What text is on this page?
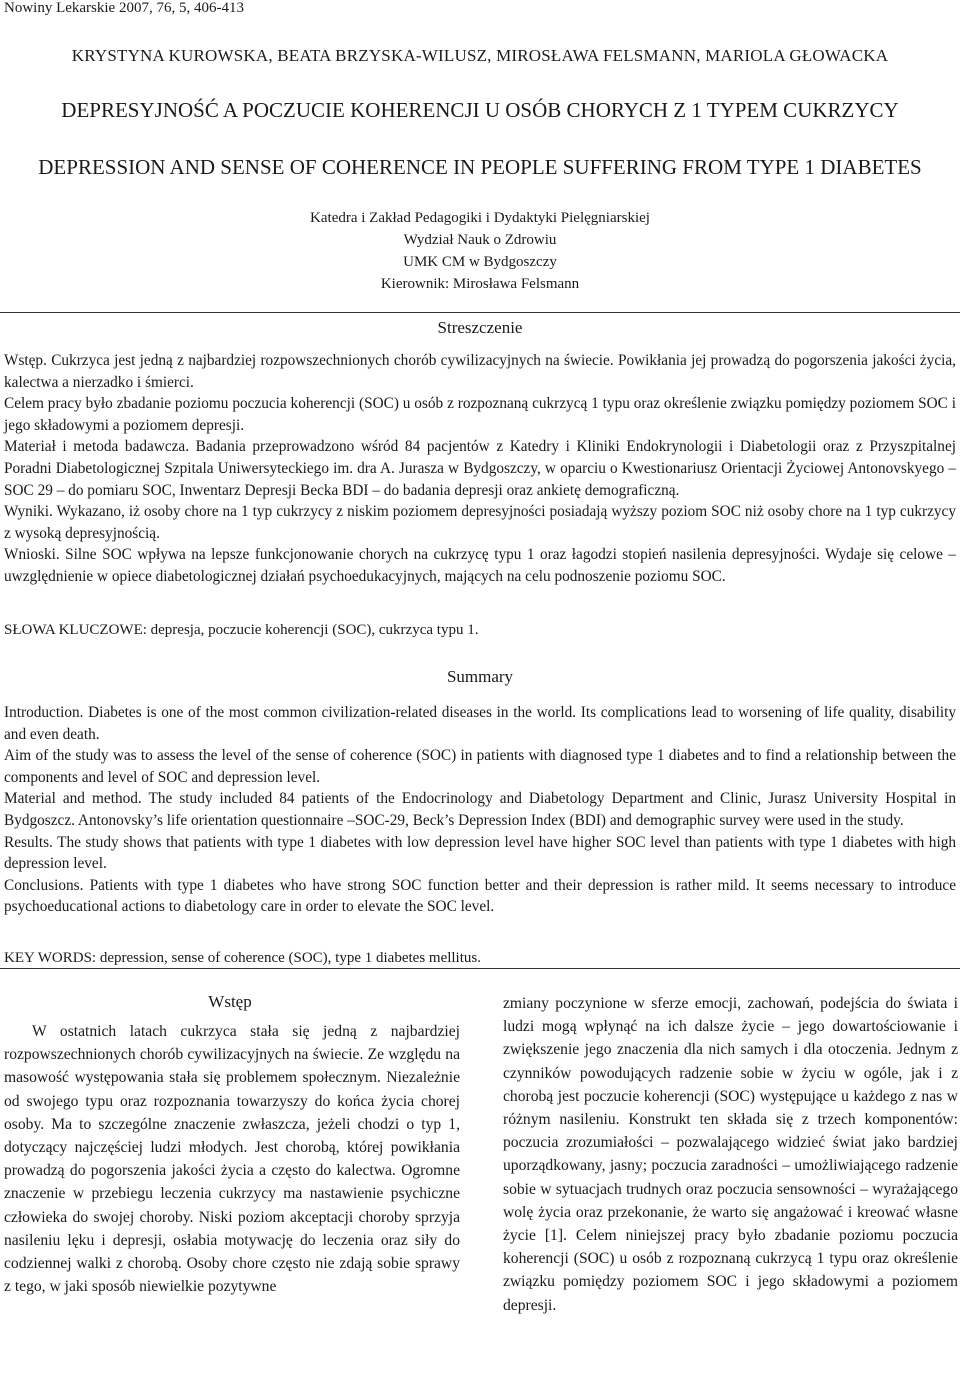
Nowiny Lekarskie 2007, 76, 5, 406-413
KRYSTYNA KUROWSKA, BEATA BRZYSKA-WILUSZ, MIROSŁAWA FELSMANN, MARIOLA GŁOWACKA
DEPRESYJNOŚĆ A POCZUCIE KOHERENCJI U OSÓB CHORYCH Z 1 TYPEM CUKRZYCY
DEPRESSION AND SENSE OF COHERENCE IN PEOPLE SUFFERING FROM TYPE 1 DIABETES
Katedra i Zakład Pedagogiki i Dydaktyki Pielęgniarskiej
Wydział Nauk o Zdrowiu
UMK CM w Bydgoszczy
Kierownik: Mirosława Felsmann
Streszczenie

Wstęp. Cukrzyca jest jedną z najbardziej rozpowszechnionych chorób cywilizacyjnych na świecie. Powikłania jej prowadzą do pogorszenia jakości życia, kalectwa a nierzadko i śmierci.

Celem pracy było zbadanie poziomu poczucia koherencji (SOC) u osób z rozpoznaną cukrzycą 1 typu oraz określenie związku pomiędzy poziomem SOC i jego składowymi a poziomem depresji.

Materiał i metoda badawcza. Badania przeprowadzono wśród 84 pacjentów z Katedry i Kliniki Endokrynologii i Diabetologii oraz z Przyszpitalnej Poradni Diabetologicznej Szpitala Uniwersyteckiego im. dra A. Jurasza w Bydgoszczy, w oparciu o Kwestionariusz Orientacji Życiowej Antonovskyego – SOC 29 – do pomiaru SOC, Inwentarz Depresji Becka BDI – do badania depresji oraz ankietę demograficzną.

Wyniki. Wykazano, iż osoby chore na 1 typ cukrzycy z niskim poziomem depresyjności posiadają wyższy poziom SOC niż osoby chore na 1 typ cukrzycy z wysoką depresyjnością.

Wnioski. Silne SOC wpływa na lepsze funkcjonowanie chorych na cukrzycę typu 1 oraz łagodzi stopień nasilenia depresyjności. Wydaje się celowe – uwzględnienie w opiece diabetologicznej działań psychoedukacyjnych, mających na celu podnoszenie poziomu SOC.

SŁOWA KLUCZOWE: depresja, poczucie koherencji (SOC), cukrzyca typu 1.
Summary

Introduction. Diabetes is one of the most common civilization-related diseases in the world. Its complications lead to worsening of life quality, disability and even death.

Aim of the study was to assess the level of the sense of coherence (SOC) in patients with diagnosed type 1 diabetes and to find a relationship between the components and level of SOC and depression level.

Material and method. The study included 84 patients of the Endocrinology and Diabetology Department and Clinic, Jurasz University Hospital in Bydgoszcz. Antonovsky’s life orientation questionnaire –SOC-29, Beck’s Depression Index (BDI) and demographic survey were used in the study.

Results. The study shows that patients with type 1 diabetes with low depression level have higher SOC level than patients with type 1 diabetes with high depression level.

Conclusions. Patients with type 1 diabetes who have strong SOC function better and their depression is rather mild. It seems necessary to introduce psychoeducational actions to diabetology care in order to elevate the SOC level.

KEY WORDS: depression, sense of coherence (SOC), type 1 diabetes mellitus.
Wstęp

W ostatnich latach cukrzyca stała się jedną z najbardziej rozpowszechnionych chorób cywilizacyjnych na świecie. Ze względu na masowość występowania stała się problemem społecznym. Niezależnie od swojego typu oraz rozpoznania towarzyszy do końca życia chorej osoby. Ma to szczególne znaczenie zwłaszcza, jeżeli chodzi o typ 1, dotyczący najczęściej ludzi młodych. Jest chorobą, której powikłania prowadzą do pogorszenia jakości życia a często do kalectwa. Ogromne znaczenie w przebiegu leczenia cukrzycy ma nastawienie psychiczne człowieka do swojej choroby. Niski poziom akceptacji choroby sprzyja nasileniu lęku i depresji, osłabia motywację do leczenia oraz siły do codziennej walki z chorobą. Osoby chore często nie zdają sobie sprawy z tego, w jaki sposób niewielkie pozytywne

zmiany poczynione w sferze emocji, zachowań, podejścia do świata i ludzi mogą wpłynąć na ich dalsze życie – jego dowartościowanie i zwiększenie jego znaczenia dla nich samych i dla otoczenia. Jednym z czynników powodujących radzenie sobie w życiu w ogóle, jak i z chorobą jest poczucie koherencji (SOC) występujące u każdego z nas w różnym nasileniu. Konstrukt ten składa się z trzech komponentów: poczucia zrozumiałości – pozwalającego widzieć świat jako bardziej uporządkowany, jasny; poczucia zaradności – umożliwiającego radzenie sobie w sytuacjach trudnych oraz poczucia sensowności – wyrażającego wolę życia oraz przekonanie, że warto się angażować i kreować własne życie [1]. Celem niniejszej pracy było zbadanie poziomu poczucia koherencji (SOC) u osób z rozpoznaną cukrzycą 1 typu oraz określenie związku pomiędzy poziomem SOC i jego składowymi a poziomem depresji.
